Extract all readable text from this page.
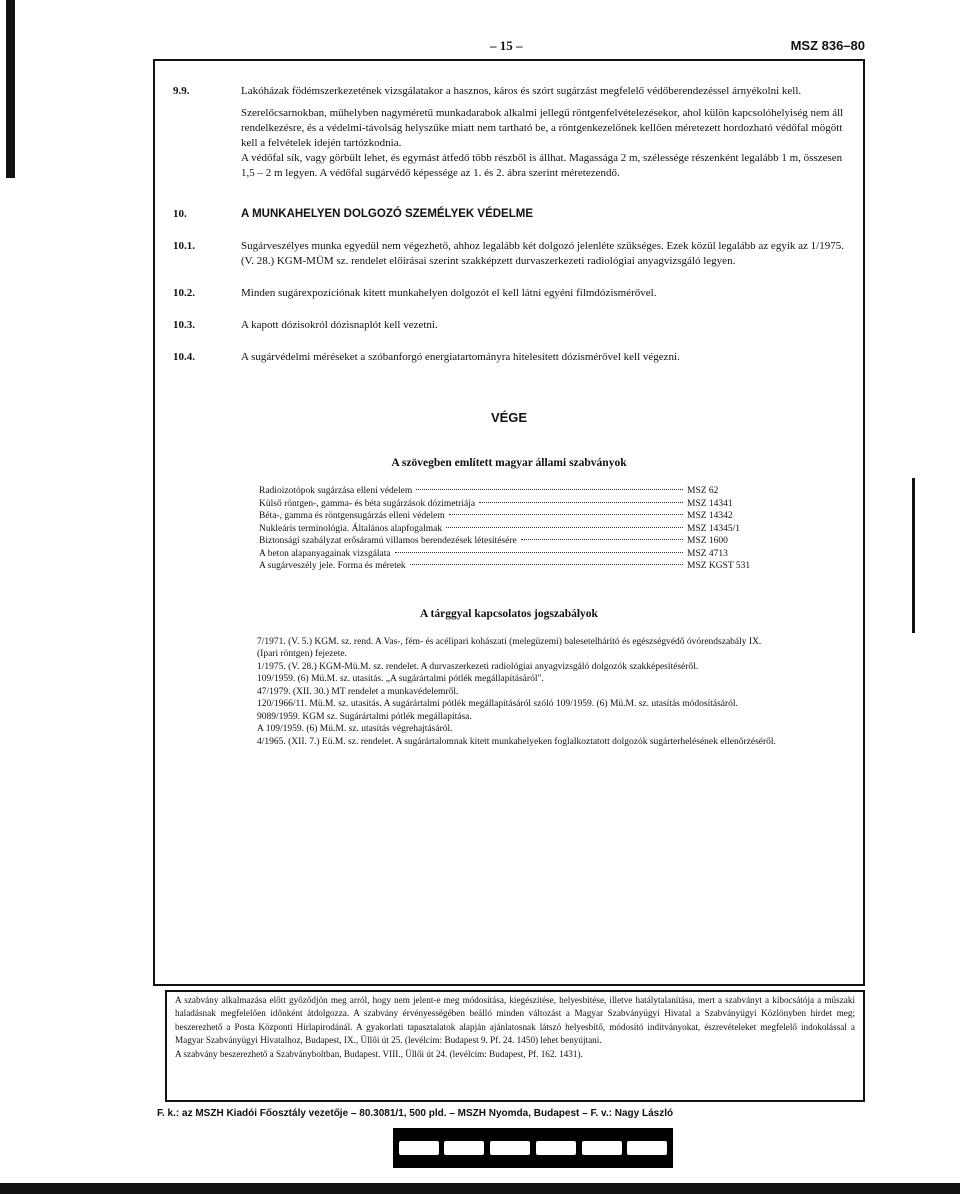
– 15 –	MSZ 836–80
9.9.	Lakóházak födémszerkezetének vizsgálatakor a hasznos, káros és szórt sugárzást megfelelő védőberendezéssel árnyékolni kell.
Szerelőcsarnokban, műhelyben nagyméretű munkadarabok alkalmi jellegű röntgenfelvételezésekor, ahol külön kapcsolóhelyiség nem áll rendelkezésre, és a védelmi-távolság helyszűke miatt nem tartható be, a röntgenkezelőnek kellően méretezett hordozható védőfal mögött kell a felvételek idején tartózkodnia.
A védőfal sík, vagy görbült lehet, és egymást átfedő több részből is állhat. Magassága 2 m, szélessége részenként legalább 1 m, összesen 1,5 – 2 m legyen. A védőfal sugárvédő képessége az 1. és 2. ábra szerint méretezendő.
10.	A MUNKAHELYEN DOLGOZÓ SZEMÉLYEK VÉDELME
10.1.	Sugárveszélyes munka egyedül nem végezhető, ahhoz legalább két dolgozó jelenléte szükséges. Ezek közül legalább az egyik az 1/1975. (V. 28.) KGM-MÜM sz. rendelet előírásai szerint szakképzett durvaszerkezeti radiológiai anyagvizsgáló legyen.
10.2.	Minden sugárexpozíciónak kitett munkahelyen dolgozót el kell látni egyéni filmdózismérővel.
10.3.	A kapott dózisokról dózisnaplót kell vezetni.
10.4.	A sugárvédelmi méréseket a szóbanforgó energiatartományra hitelesített dózismérővel kell végezni.
VÉGE
A szövegben említett magyar állami szabványok
Radioizotópok sugárzása elleni védelem	MSZ 62
Külső röntgen-, gamma- és béta sugárzások dózimetriája	MSZ 14341
Béta-, gamma és röntgensugárzás elleni védelem	MSZ 14342
Nukleáris terminológia. Általános alapfogalmak	MSZ 14345/1
Biztonsági szabályzat erősáramú villamos berendezések létesítésére	MSZ 1600
A beton alapanyagainak vizsgálata	MSZ 4713
A sugárveszély jele. Forma és méretek	MSZ KGST 531
A tárggyal kapcsolatos jogszabályok
7/1971. (V. 5.) KGM. sz. rend. A Vas-, fém- és acélipari kohászati (melegüzemi) balesetelhárító és egészségvédő óvórendszabály IX. (Ipari röntgen) fejezete.
1/1975. (V. 28.) KGM-Mü.M. sz. rendelet. A durvaszerkezeti radiológiai anyagvizsgáló dolgozók szakképesítéséről.
109/1959. (6) Mü.M. sz. utasítás. „A sugárártalmi pótlék megállapításáról".
47/1979. (XII. 30.) MT rendelet a munkavédelemről.
120/1966/11. Mü.M. sz. utasítás. A sugárártalmi pótlék megállapításáról szóló 109/1959. (6) Mü.M. sz. utasítás módosításáról.
9089/1959. KGM sz. Sugárártalmi pótlék megállapítása.
A 109/1959. (6) Mü.M. sz. utasítás végrehajtásáról.
4/1965. (XII. 7.) Eü.M. sz. rendelet. A sugárártalomnak kitett munkahelyeken foglalkoztatott dolgozók sugárterhelésének ellenőrzéséről.
A szabvány alkalmazása előtt győződjön meg arról, hogy nem jelent-e meg módosítása, kiegészítése, helyesbítése, illetve hatálytalanítása, mert a szabványt a kibocsátója a műszaki haladásnak megfelelően időnként átdolgozza. A szabvány érvényességében beálló minden változást a Magyar Szabványügyi Hivatal a Szabványügyi Közlönyben hirdet meg; beszerezhető a Posta Központi Hírlapirodánál. A gyakorlati tapasztalatok alapján ajánlatosnak látszó helyesbítő, módosító indítványokat, észrevételeket megfelelő indokolással a Magyar Szabványügyi Hivatalhoz, Budapest, IX., Üllői út 25. (levélcím: Budapest 9. Pf. 24. 1450) lehet benyújtani.
A szabvány beszerezhető a Szabványboltban, Budapest. VIII., Üllői út 24. (levélcím: Budapest, Pf. 162. 1431).
F. k.: az MSZH Kiadói Főosztály vezetője – 80.3081/1, 500 pld. – MSZH Nyomda, Budapest – F. v.: Nagy László
